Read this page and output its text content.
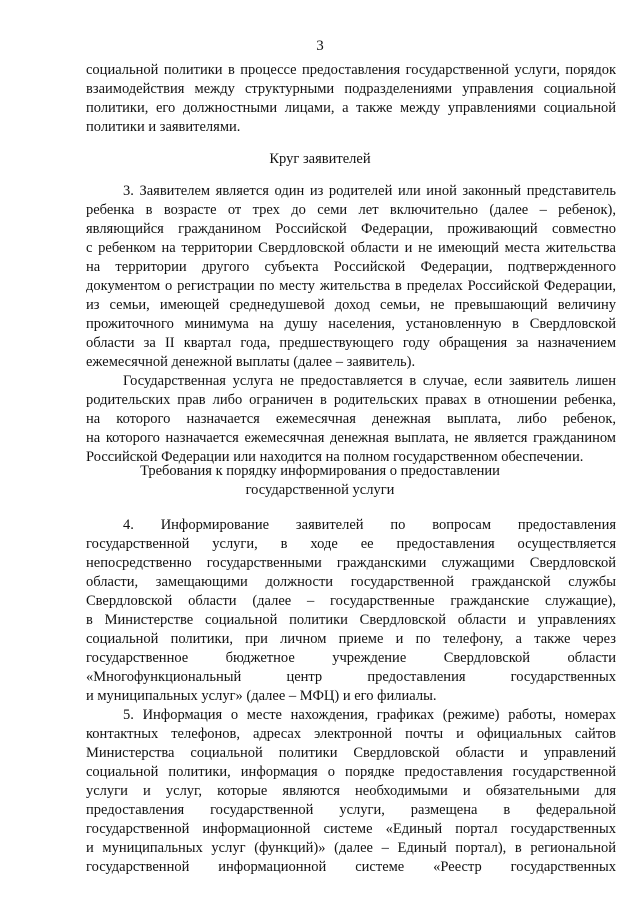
3
социальной политики в процессе предоставления государственной услуги, порядок
взаимодействия между структурными подразделениями управления социальной
политики, его должностными лицами, а также между управлениями социальной
политики и заявителями.
Круг заявителей
3. Заявителем является один из родителей или иной законный представитель
ребенка в возрасте от трех до семи лет включительно (далее – ребенок),
являющийся гражданином Российской Федерации, проживающий совместно
с ребенком на территории Свердловской области и не имеющий места жительства
на территории другого субъекта Российской Федерации, подтвержденного
документом о регистрации по месту жительства в пределах Российской Федерации,
из семьи, имеющей среднедушевой доход семьи, не превышающий величину
прожиточного минимума на душу населения, установленную в Свердловской
области за II квартал года, предшествующего году обращения за назначением
ежемесячной денежной выплаты (далее – заявитель).
Государственная услуга не предоставляется в случае, если заявитель лишен
родительских прав либо ограничен в родительских правах в отношении ребенка,
на которого назначается ежемесячная денежная выплата, либо ребенок,
на которого назначается ежемесячная денежная выплата, не является гражданином
Российской Федерации или находится на полном государственном обеспечении.
Требования к порядку информирования о предоставлении
государственной услуги
4. Информирование заявителей по вопросам предоставления
государственной услуги, в ходе ее предоставления осуществляется
непосредственно государственными гражданскими служащими Свердловской
области, замещающими должности государственной гражданской службы
Свердловской области (далее – государственные гражданские служащие),
в Министерстве социальной политики Свердловской области и управлениях
социальной политики, при личном приеме и по телефону, а также через
государственное бюджетное учреждение Свердловской области
«Многофункциональный центр предоставления государственных
и муниципальных услуг» (далее – МФЦ) и его филиалы.
5. Информация о месте нахождения, графиках (режиме) работы, номерах
контактных телефонов, адресах электронной почты и официальных сайтов
Министерства социальной политики Свердловской области и управлений
социальной политики, информация о порядке предоставления государственной
услуги и услуг, которые являются необходимыми и обязательными для
предоставления государственной услуги, размещена в федеральной
государственной информационной системе «Единый портал государственных
и муниципальных услуг (функций)» (далее – Единый портал), в региональной
государственной информационной системе «Реестр государственных
